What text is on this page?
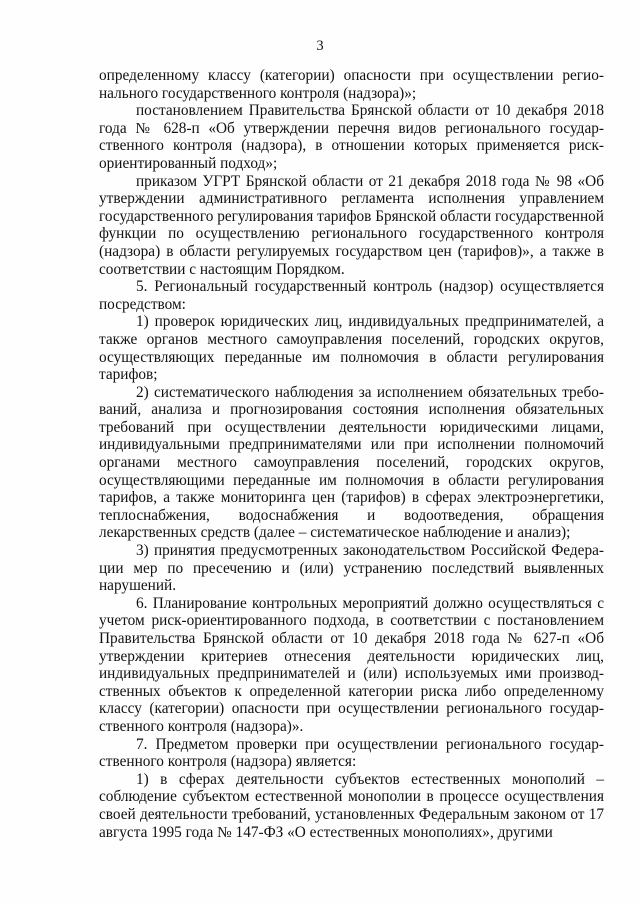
3

определенному классу (категории) опасности при осуществлении регионального государственного контроля (надзора)»;

постановлением Правительства Брянской области от 10 декабря 2018 года № 628-п «Об утверждении перечня видов регионального государственного контроля (надзора), в отношении которых применяется риск-ориентированный подход»;

приказом УГРТ Брянской области от 21 декабря 2018 года № 98 «Об утверждении административного регламента исполнения управлением государственного регулирования тарифов Брянской области государственной функции по осуществлению регионального государственного контроля (надзора) в области регулируемых государством цен (тарифов)», а также в соответствии с настоящим Порядком.

5. Региональный государственный контроль (надзор) осуществляется посредством:

1) проверок юридических лиц, индивидуальных предпринимателей, а также органов местного самоуправления поселений, городских округов, осуществляющих переданные им полномочия в области регулирования тарифов;

2) систематического наблюдения за исполнением обязательных требований, анализа и прогнозирования состояния исполнения обязательных требований при осуществлении деятельности юридическими лицами, индивидуальными предпринимателями или при исполнении полномочий органами местного самоуправления поселений, городских округов, осуществляющими переданные им полномочия в области регулирования тарифов, а также мониторинга цен (тарифов) в сферах электроэнергетики, теплоснабжения, водоснабжения и водоотведения, обращения лекарственных средств (далее – систематическое наблюдение и анализ);

3) принятия предусмотренных законодательством Российской Федерации мер по пресечению и (или) устранению последствий выявленных нарушений.

6. Планирование контрольных мероприятий должно осуществляться с учетом риск-ориентированного подхода, в соответствии с постановлением Правительства Брянской области от 10 декабря 2018 года № 627-п «Об утверждении критериев отнесения деятельности юридических лиц, индивидуальных предпринимателей и (или) используемых ими производственных объектов к определенной категории риска либо определенному классу (категории) опасности при осуществлении регионального государственного контроля (надзора)».

7. Предметом проверки при осуществлении регионального государственного контроля (надзора) является:

1) в сферах деятельности субъектов естественных монополий – соблюдение субъектом естественной монополии в процессе осуществления своей деятельности требований, установленных Федеральным законом от 17 августа 1995 года № 147-ФЗ «О естественных монополиях», другими
